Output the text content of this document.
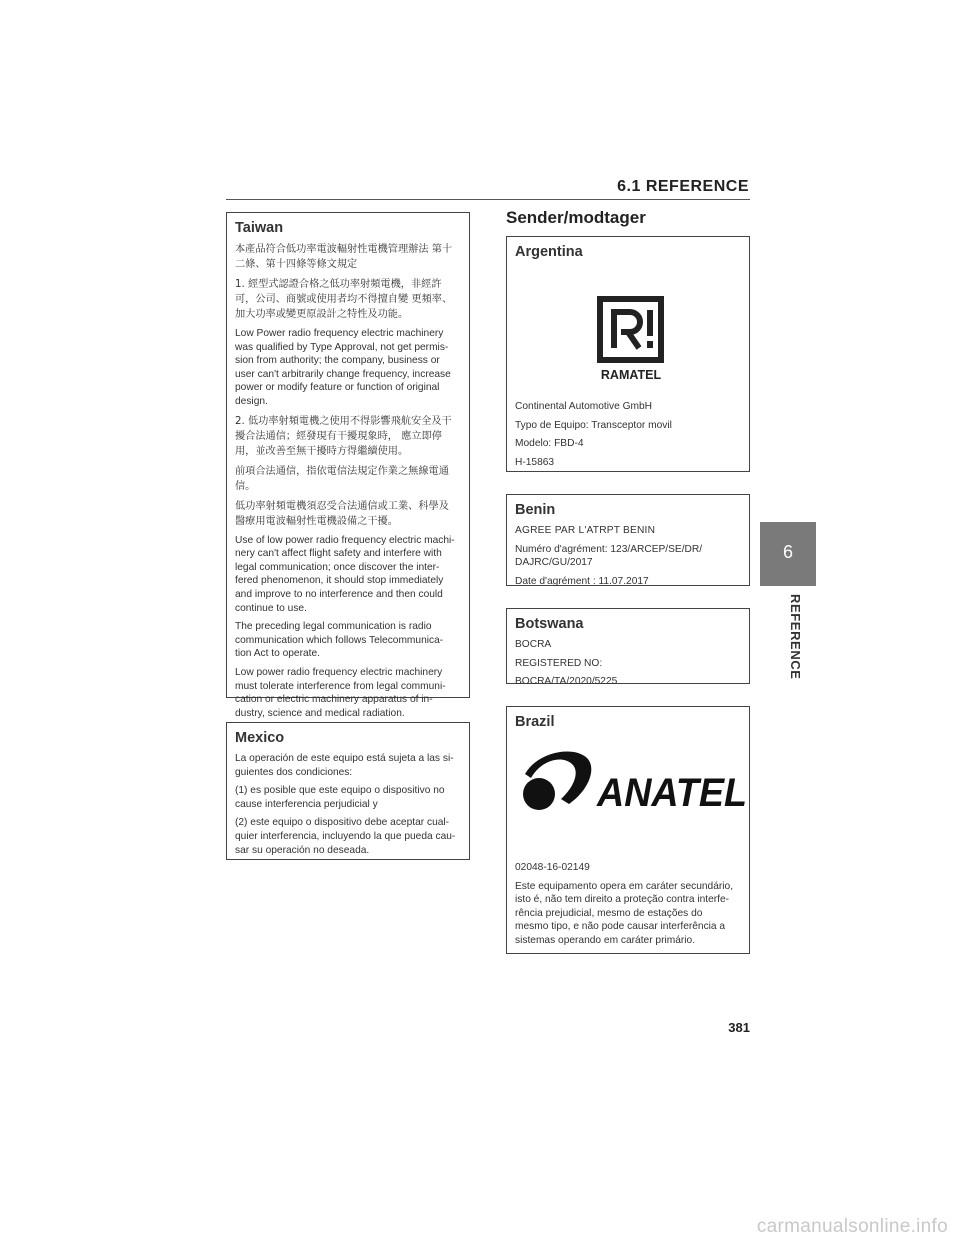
6.1 REFERENCE
Sender/modtager
Taiwan

本產品符合低功率電波輻射性電機管理辦法 第十
二條、第十四條等條文規定

1. 經型式認證合格之低功率射頻電機，非經許
可，公司、商號或使用者均不得擅自變 更頻率、
加大功率或變更原設計之特性及功能。

Low Power radio frequency electric machinery
was qualified by Type Approval, not get permis-
sion from authority; the company, business or
user can't arbitrarily change frequency, increase
power or modify feature or function of original
design.

2. 低功率射頻電機之使用不得影響飛航安全及干
擾合法通信；經發現有干擾現象時， 應立即停
用，並改善至無干擾時方得繼續使用。

前項合法通信，指依電信法規定作業之無線電通
信。

低功率射頻電機須忍受合法通信或工業、科學及
醫療用電波輻射性電機設備之干擾。

Use of low power radio frequency electric machi-
nery can't affect flight safety and interfere with
legal communication; once discover the inter-
fered phenomenon, it should stop immediately
and improve to no interference and then could
continue to use.

The preceding legal communication is radio
communication which follows Telecommunica-
tion Act to operate.

Low power radio frequency electric machinery
must tolerate interference from legal communi-
cation or electric machinery apparatus of in-
dustry, science and medical radiation.

Mexico

La operación de este equipo está sujeta a las si-
guientes dos condiciones:

(1) es posible que este equipo o dispositivo no
cause interferencia perjudicial y

(2) este equipo o dispositivo debe aceptar cual-
quier interferencia, incluyendo la que pueda cau-
sar su operación no deseada.

Argentina
RAMATEL

Continental Automotive GmbH

Typo de Equipo: Transceptor movil

Modelo: FBD-4

H-15863

Benin

AGREE PAR L'ATRPT BENIN

Numéro d'agrément: 123/ARCEP/SE/DR/
DAJRC/GU/2017

Date d'agrément : 11.07.2017

Botswana

BOCRA

REGISTERED NO:

BOCRA/TA/2020/5225

Brazil
ANATEL

02048-16-02149

Este equipamento opera em caráter secundário,
isto é, não tem direito a proteção contra interfe-
rência prejudicial, mesmo de estações do
mesmo tipo, e não pode causar interferência a
sistemas operando em caráter primário.

6
REFERENCE
381
carmanualsonline.info
